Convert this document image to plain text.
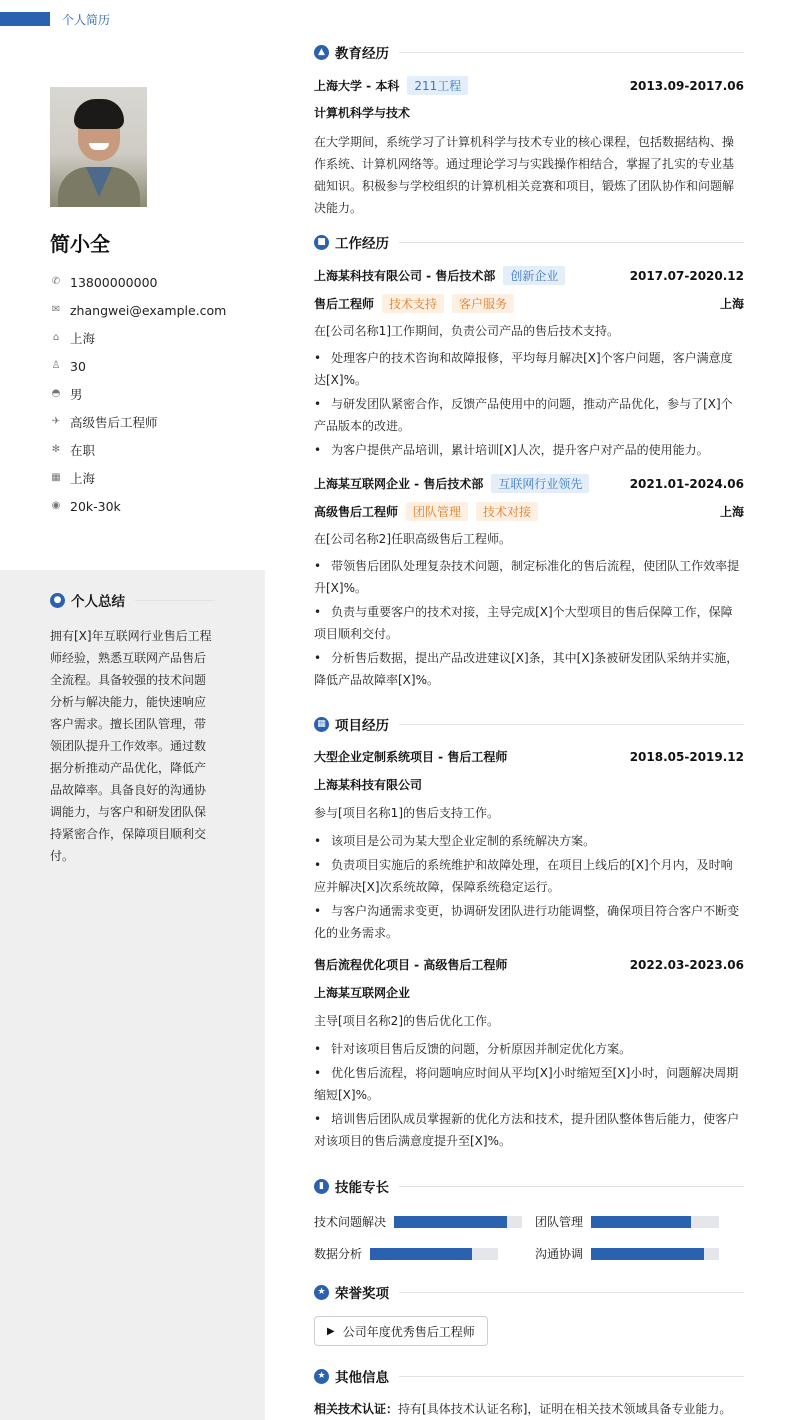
个人简历
简小全
✆ 13800000000
✉ zhangwei@example.com
⌂ 上海
♙ 30
◓ 男
✈ 高级售后工程师
✻ 在职
▦ 上海
◉ 20k-30k
● 个人总结
拥有[X]年互联网行业售后工程师经验，熟悉互联网产品售后全流程。具备较强的技术问题分析与解决能力，能快速响应客户需求。擅长团队管理，带领团队提升工作效率。通过数据分析推动产品优化，降低产品故障率。具备良好的沟通协调能力，与客户和研发团队保持紧密合作，保障项目顺利交付。
▲ 教育经历
上海大学 - 本科	211工程	2013.09-2017.06
计算机科学与技术
在大学期间，系统学习了计算机科学与技术专业的核心课程，包括数据结构、操作系统、计算机网络等。通过理论学习与实践操作相结合，掌握了扎实的专业基础知识。积极参与学校组织的计算机相关竞赛和项目，锻炼了团队协作和问题解决能力。
■ 工作经历
上海某科技有限公司 - 售后技术部	创新企业	2017.07-2020.12
售后工程师	技术支持	客户服务	上海
在[公司名称1]工作期间，负责公司产品的售后技术支持。
• 处理客户的技术咨询和故障报修，平均每月解决[X]个客户问题，客户满意度达[X]%。
• 与研发团队紧密合作，反馈产品使用中的问题，推动产品优化，参与了[X]个产品版本的改进。
• 为客户提供产品培训，累计培训[X]人次，提升客户对产品的使用能力。
上海某互联网企业 - 售后技术部	互联网行业领先	2021.01-2024.06
高级售后工程师	团队管理	技术对接	上海
在[公司名称2]任职高级售后工程师。
• 带领售后团队处理复杂技术问题，制定标准化的售后流程，使团队工作效率提升[X]%。
• 负责与重要客户的技术对接，主导完成[X]个大型项目的售后保障工作，保障项目顺利交付。
• 分析售后数据，提出产品改进建议[X]条，其中[X]条被研发团队采纳并实施，降低产品故障率[X]%。
▦ 项目经历
大型企业定制系统项目 - 售后工程师	2018.05-2019.12
上海某科技有限公司
参与[项目名称1]的售后支持工作。
• 该项目是公司为某大型企业定制的系统解决方案。
• 负责项目实施后的系统维护和故障处理，在项目上线后的[X]个月内，及时响应并解决[X]次系统故障，保障系统稳定运行。
• 与客户沟通需求变更，协调研发团队进行功能调整，确保项目符合客户不断变化的业务需求。
售后流程优化项目 - 高级售后工程师	2022.03-2023.06
上海某互联网企业
主导[项目名称2]的售后优化工作。
• 针对该项目售后反馈的问题，分析原因并制定优化方案。
• 优化售后流程，将问题响应时间从平均[X]小时缩短至[X]小时，问题解决周期缩短[X]%。
• 培训售后团队成员掌握新的优化方法和技术，提升团队整体售后能力，使客户对该项目的售后满意度提升至[X]%。
▮ 技能专长
技术问题解决	团队管理
数据分析	沟通协调
★ 荣誉奖项
▶ 公司年度优秀售后工程师
★ 其他信息
相关技术认证：持有[具体技术认证名称]，证明在相关技术领域具备专业能力。
